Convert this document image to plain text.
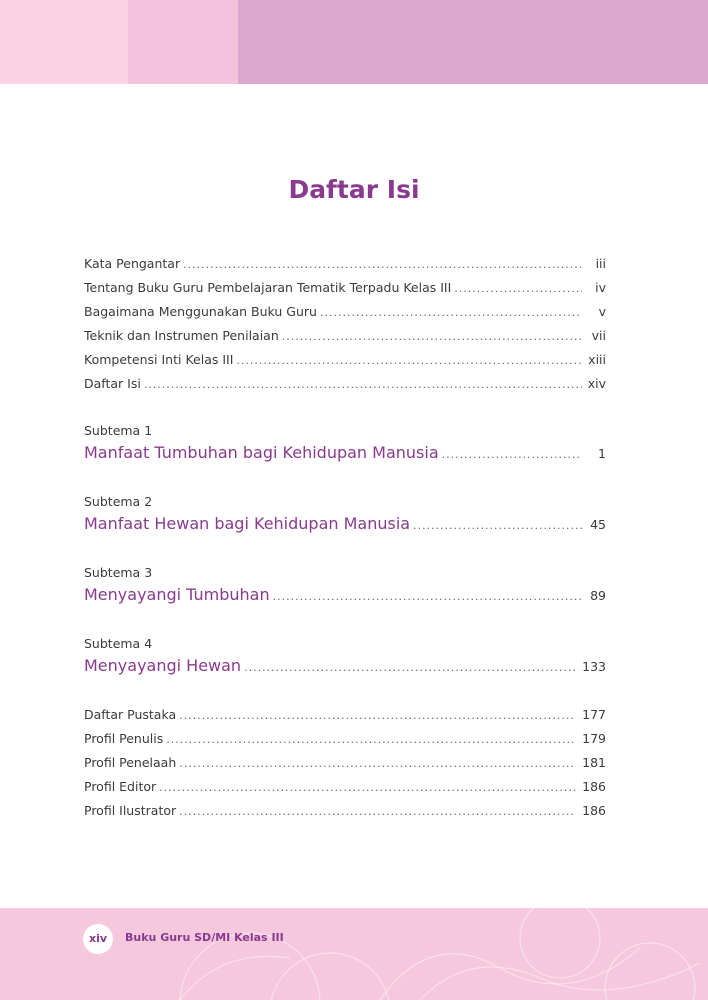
Daftar Isi
Kata Pengantar .....	iii
Tentang Buku Guru Pembelajaran Tematik Terpadu Kelas III .....	iv
Bagaimana Menggunakan Buku Guru .....	v
Teknik dan Instrumen Penilaian .....	vii
Kompetensi Inti Kelas III .....	xiii
Daftar Isi .....	xiv
Subtema 1
Manfaat Tumbuhan bagi Kehidupan Manusia .....	1
Subtema 2
Manfaat Hewan bagi Kehidupan Manusia .....	45
Subtema 3
Menyayangi Tumbuhan .....	89
Subtema 4
Menyayangi Hewan .....	133
Daftar Pustaka .....	177
Profil Penulis .....	179
Profil Penelaah .....	181
Profil Editor .....	186
Profil Ilustrator .....	186
xiv	Buku Guru SD/MI Kelas III
